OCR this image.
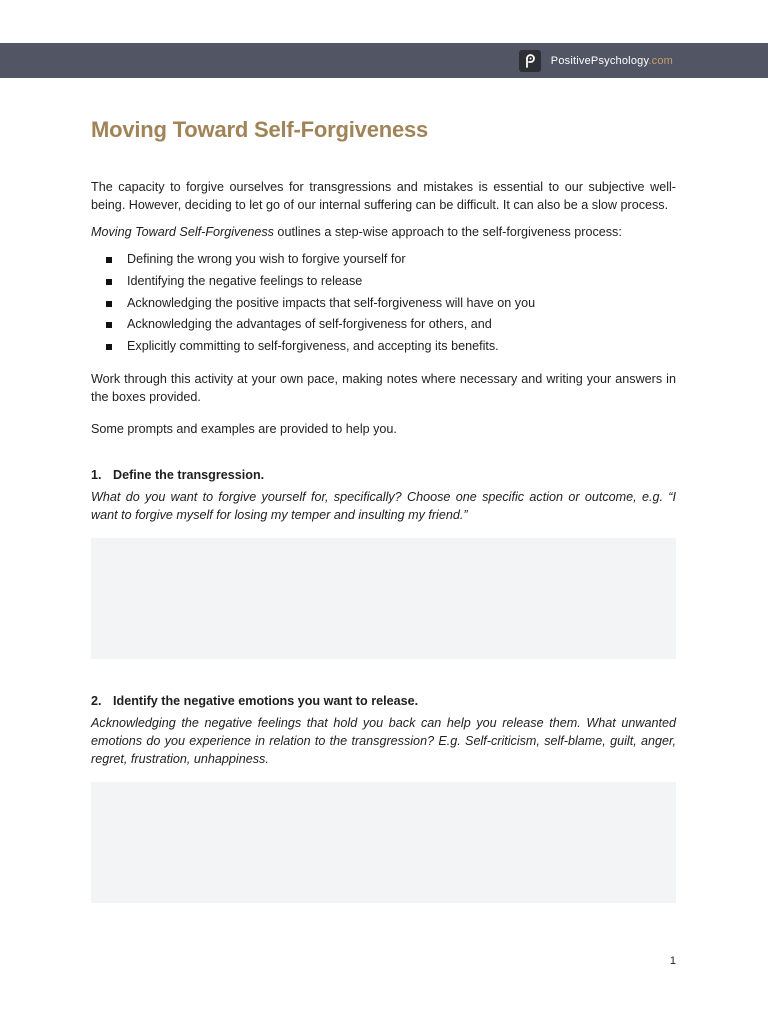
PositivePsychology.com
Moving Toward Self-Forgiveness

The capacity to forgive ourselves for transgressions and mistakes is essential to our subjective well-being. However, deciding to let go of our internal suffering can be difficult. It can also be a slow process.

Moving Toward Self-Forgiveness outlines a step-wise approach to the self-forgiveness process:

Defining the wrong you wish to forgive yourself for
Identifying the negative feelings to release
Acknowledging the positive impacts that self-forgiveness will have on you
Acknowledging the advantages of self-forgiveness for others, and
Explicitly committing to self-forgiveness, and accepting its benefits.

Work through this activity at your own pace, making notes where necessary and writing your answers in the boxes provided.

Some prompts and examples are provided to help you.

1. Define the transgression.

What do you want to forgive yourself for, specifically? Choose one specific action or outcome, e.g. “I want to forgive myself for losing my temper and insulting my friend.”

2. Identify the negative emotions you want to release.

Acknowledging the negative feelings that hold you back can help you release them. What unwanted emotions do you experience in relation to the transgression? E.g. Self-criticism, self-blame, guilt, anger, regret, frustration, unhappiness.

1
